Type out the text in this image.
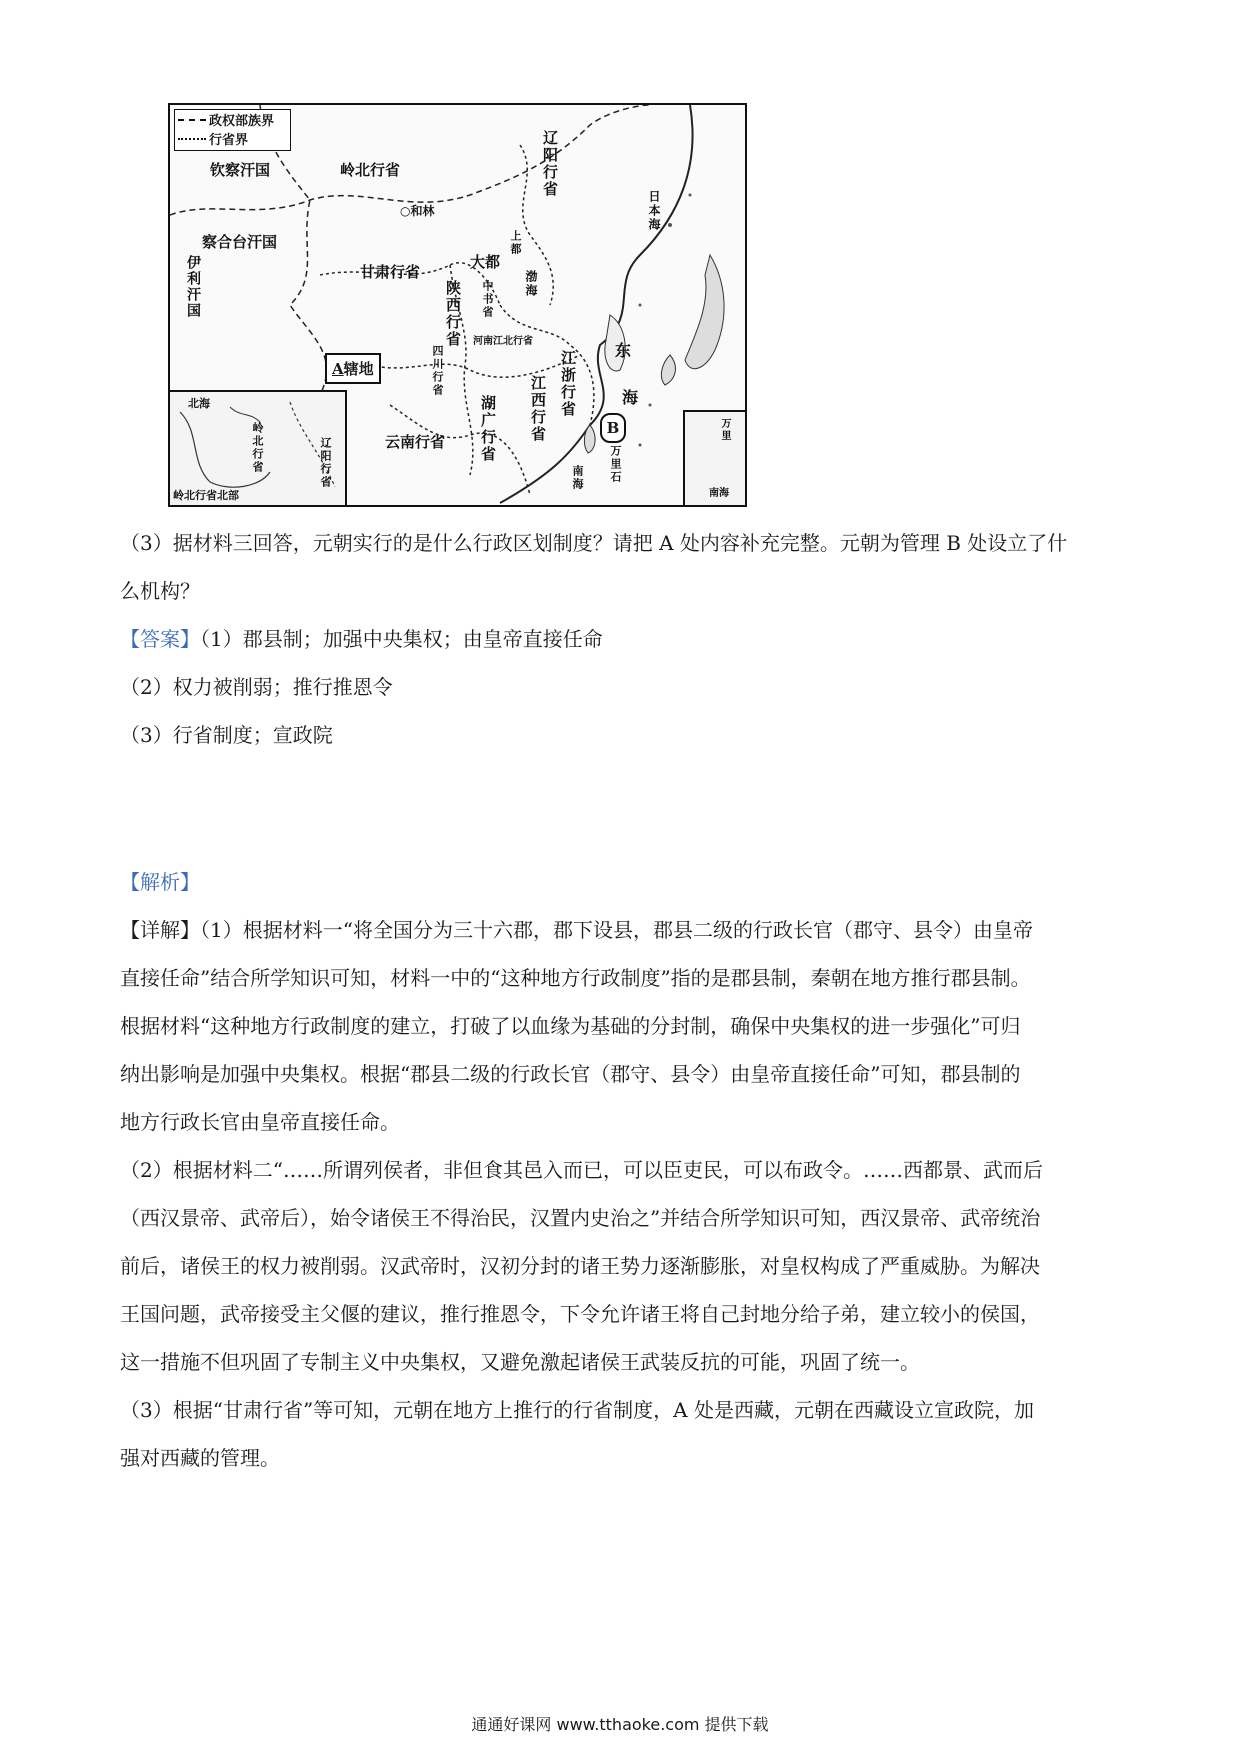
政权部族界
行省界
钦察汗国	岭北行省
○和林
辽阳行省
察合台汗国
伊利汗国	甘肃行省
大都
上都
中书省	渤海
陕西行省 河南江北行省
四川行省	江浙行省
江西行省
湖广行省
云南行省
东
海
日本海
万里石
南海
A辖地
B
北海
岭北行省	辽阳行省
岭北行省北部
万里
南海
（3）据材料三回答，元朝实行的是什么行政区划制度？请把 A 处内容补充完整。元朝为管理 B 处设立了什
么机构？
【答案】（1）郡县制；加强中央集权；由皇帝直接任命
（2）权力被削弱；推行推恩令
（3）行省制度；宣政院
【解析】
【详解】（1）根据材料一“将全国分为三十六郡，郡下设县，郡县二级的行政长官（郡守、县令）由皇帝
直接任命”结合所学知识可知，材料一中的“这种地方行政制度”指的是郡县制，秦朝在地方推行郡县制。
根据材料“这种地方行政制度的建立，打破了以血缘为基础的分封制，确保中央集权的进一步强化”可归
纳出影响是加强中央集权。根据“郡县二级的行政长官（郡守、县令）由皇帝直接任命”可知，郡县制的
地方行政长官由皇帝直接任命。
（2）根据材料二“……所谓列侯者，非但食其邑入而已，可以臣吏民，可以布政令。……西都景、武而后
（西汉景帝、武帝后），始令诸侯王不得治民，汉置内史治之”并结合所学知识可知，西汉景帝、武帝统治
前后，诸侯王的权力被削弱。汉武帝时，汉初分封的诸王势力逐渐膨胀，对皇权构成了严重威胁。为解决
王国问题，武帝接受主父偃的建议，推行推恩令，下令允许诸王将自己封地分给子弟，建立较小的侯国，
这一措施不但巩固了专制主义中央集权，又避免激起诸侯王武装反抗的可能，巩固了统一。
（3）根据“甘肃行省”等可知，元朝在地方上推行的行省制度，A 处是西藏，元朝在西藏设立宣政院，加
强对西藏的管理。
通通好课网 www.tthaoke.com 提供下载
